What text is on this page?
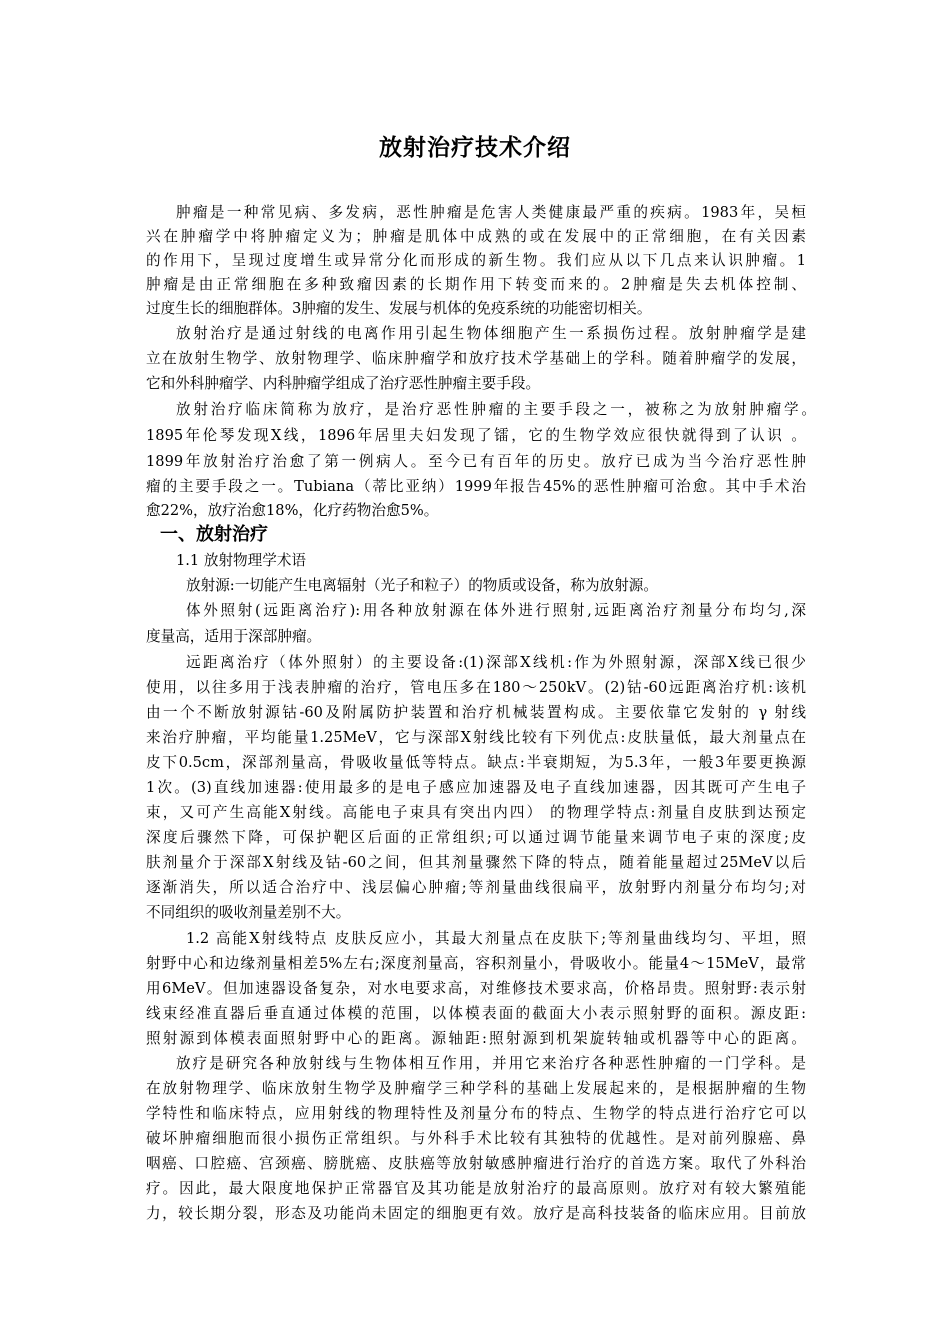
放射治疗技术介绍
肿瘤是一种常见病、多发病，恶性肿瘤是危害人类健康最严重的疾病。1983年，吴桓
兴在肿瘤学中将肿瘤定义为；肿瘤是肌体中成熟的或在发展中的正常细胞，在有关因素
的作用下，呈现过度增生或异常分化而形成的新生物。我们应从以下几点来认识肿瘤。1
肿瘤是由正常细胞在多种致瘤因素的长期作用下转变而来的。2肿瘤是失去机体控制、
过度生长的细胞群体。3肿瘤的发生、发展与机体的免疫系统的功能密切相关。
放射治疗是通过射线的电离作用引起生物体细胞产生一系损伤过程。放射肿瘤学是建
立在放射生物学、放射物理学、临床肿瘤学和放疗技术学基础上的学科。随着肿瘤学的发展，
它和外科肿瘤学、内科肿瘤学组成了治疗恶性肿瘤主要手段。
放射治疗临床简称为放疗，是治疗恶性肿瘤的主要手段之一，被称之为放射肿瘤学。
1895年伦琴发现X线，1896年居里夫妇发现了镭，它的生物学效应很快就得到了认识 。
1899年放射治疗治愈了第一例病人。至今已有百年的历史。放疗已成为当今治疗恶性肿
瘤的主要手段之一。Tubiana（蒂比亚纳）1999年报告45%的恶性肿瘤可治愈。其中手术治
愈22%，放疗治愈18%，化疗药物治愈5%。
一、放射治疗
1.1 放射物理学术语
放射源:一切能产生电离辐射（光子和粒子）的物质或设备，称为放射源。
体外照射(远距离治疗):用各种放射源在体外进行照射,远距离治疗剂量分布均匀,深
度量高，适用于深部肿瘤。
远距离治疗（体外照射）的主要设备:(1)深部X线机:作为外照射源，深部X线已很少
使用，以往多用于浅表肿瘤的治疗，管电压多在180～250kV。(2)钴-60远距离治疗机:该机
由一个不断放射源钴-60及附属防护装置和治疗机械装置构成。主要依靠它发射的 γ 射线
来治疗肿瘤，平均能量1.25MeV，它与深部X射线比较有下列优点:皮肤量低，最大剂量点在
皮下0.5cm，深部剂量高，骨吸收量低等特点。缺点:半衰期短，为5.3年，一般3年要更换源
1次。(3)直线加速器:使用最多的是电子感应加速器及电子直线加速器，因其既可产生电子
束，又可产生高能X射线。高能电子束具有突出内四） 的物理学特点:剂量自皮肤到达预定
深度后骤然下降，可保护靶区后面的正常组织;可以通过调节能量来调节电子束的深度;皮
肤剂量介于深部X射线及钴-60之间，但其剂量骤然下降的特点，随着能量超过25MeV以后
逐渐消失，所以适合治疗中、浅层偏心肿瘤;等剂量曲线很扁平，放射野内剂量分布均匀;对
不同组织的吸收剂量差别不大。
1.2 高能X射线特点 皮肤反应小，其最大剂量点在皮肤下;等剂量曲线均匀、平坦，照
射野中心和边缘剂量相差5%左右;深度剂量高，容积剂量小，骨吸收小。能量4～15MeV，最常
用6MeV。但加速器设备复杂，对水电要求高，对维修技术要求高，价格昂贵。照射野:表示射
线束经准直器后垂直通过体模的范围，以体模表面的截面大小表示照射野的面积。源皮距:
照射源到体模表面照射野中心的距离。源轴距:照射源到机架旋转轴或机器等中心的距离。
放疗是研究各种放射线与生物体相互作用，并用它来治疗各种恶性肿瘤的一门学科。是
在放射物理学、临床放射生物学及肿瘤学三种学科的基础上发展起来的，是根据肿瘤的生物
学特性和临床特点，应用射线的物理特性及剂量分布的特点、生物学的特点进行治疗它可以
破坏肿瘤细胞而很小损伤正常组织。与外科手术比较有其独特的优越性。是对前列腺癌、鼻
咽癌、口腔癌、宫颈癌、膀胱癌、皮肤癌等放射敏感肿瘤进行治疗的首选方案。取代了外科治
疗。因此，最大限度地保护正常器官及其功能是放射治疗的最高原则。放疗对有较大繁殖能
力，较长期分裂，形态及功能尚未固定的细胞更有效。放疗是高科技装备的临床应用。目前放
